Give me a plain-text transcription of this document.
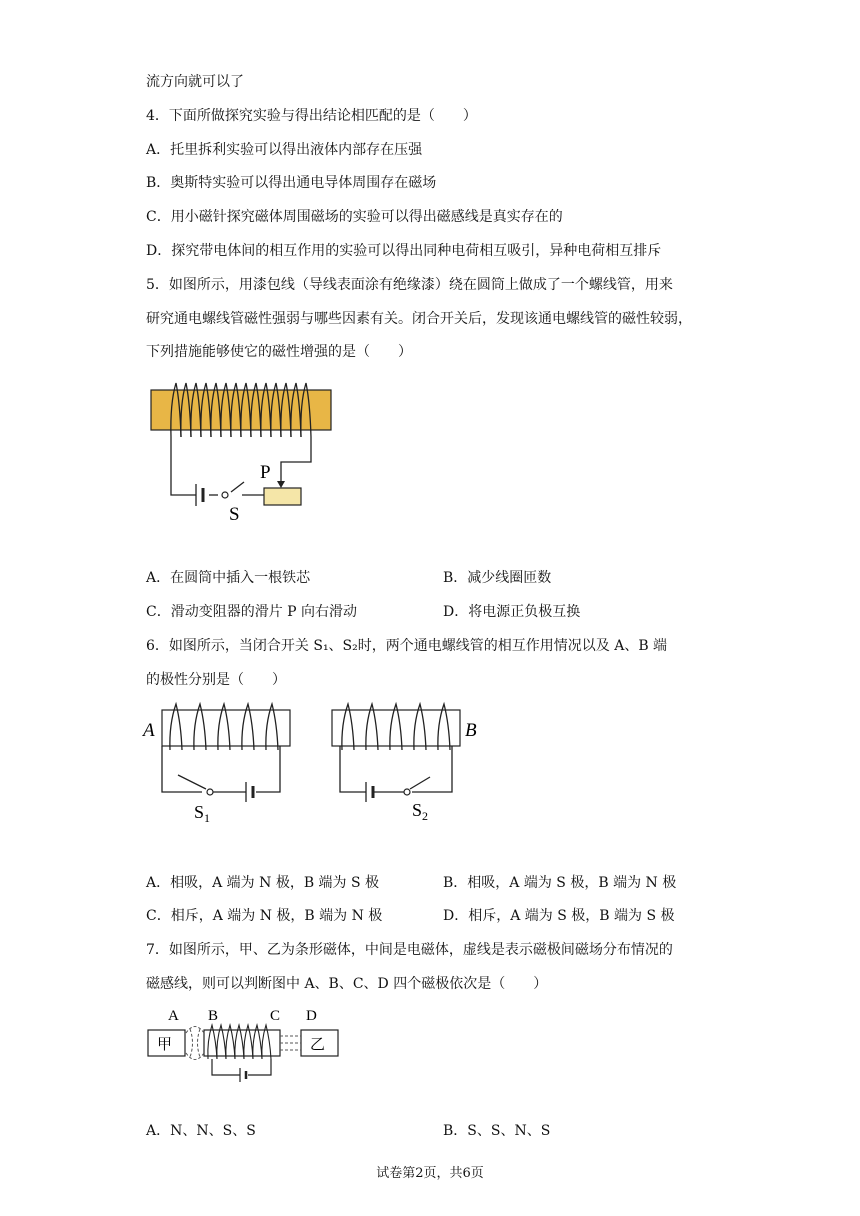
流方向就可以了
4．下面所做探究实验与得出结论相匹配的是（　　）
A．托里拆利实验可以得出液体内部存在压强
B．奥斯特实验可以得出通电导体周围存在磁场
C．用小磁针探究磁体周围磁场的实验可以得出磁感线是真实存在的
D．探究带电体间的相互作用的实验可以得出同种电荷相互吸引，异种电荷相互排斥
5．如图所示，用漆包线（导线表面涂有绝缘漆）绕在圆筒上做成了一个螺线管，用来
研究通电螺线管磁性强弱与哪些因素有关。闭合开关后，发现该通电螺线管的磁性较弱，
下列措施能够使它的磁性增强的是（　　）
P
S
A．在圆筒中插入一根铁芯	B．减少线圈匝数
C．滑动变阻器的滑片 P 向右滑动	D．将电源正负极互换
6．如图所示，当闭合开关 S₁、S₂时，两个通电螺线管的相互作用情况以及 A、B 端
的极性分别是（　　）
A	B
$S_1$	$S_2$
A．相吸，A 端为 N 极，B 端为 S 极	B．相吸，A 端为 S 极，B 端为 N 极
C．相斥，A 端为 N 极，B 端为 N 极	D．相斥，A 端为 S 极，B 端为 S 极
7．如图所示，甲、乙为条形磁体，中间是电磁体，虚线是表示磁极间磁场分布情况的
磁感线，则可以判断图中 A、B、C、D 四个磁极依次是（　　）
A B	C D
甲	乙
A．N、N、S、S	B．S、S、N、S
试卷第2页，共6页
